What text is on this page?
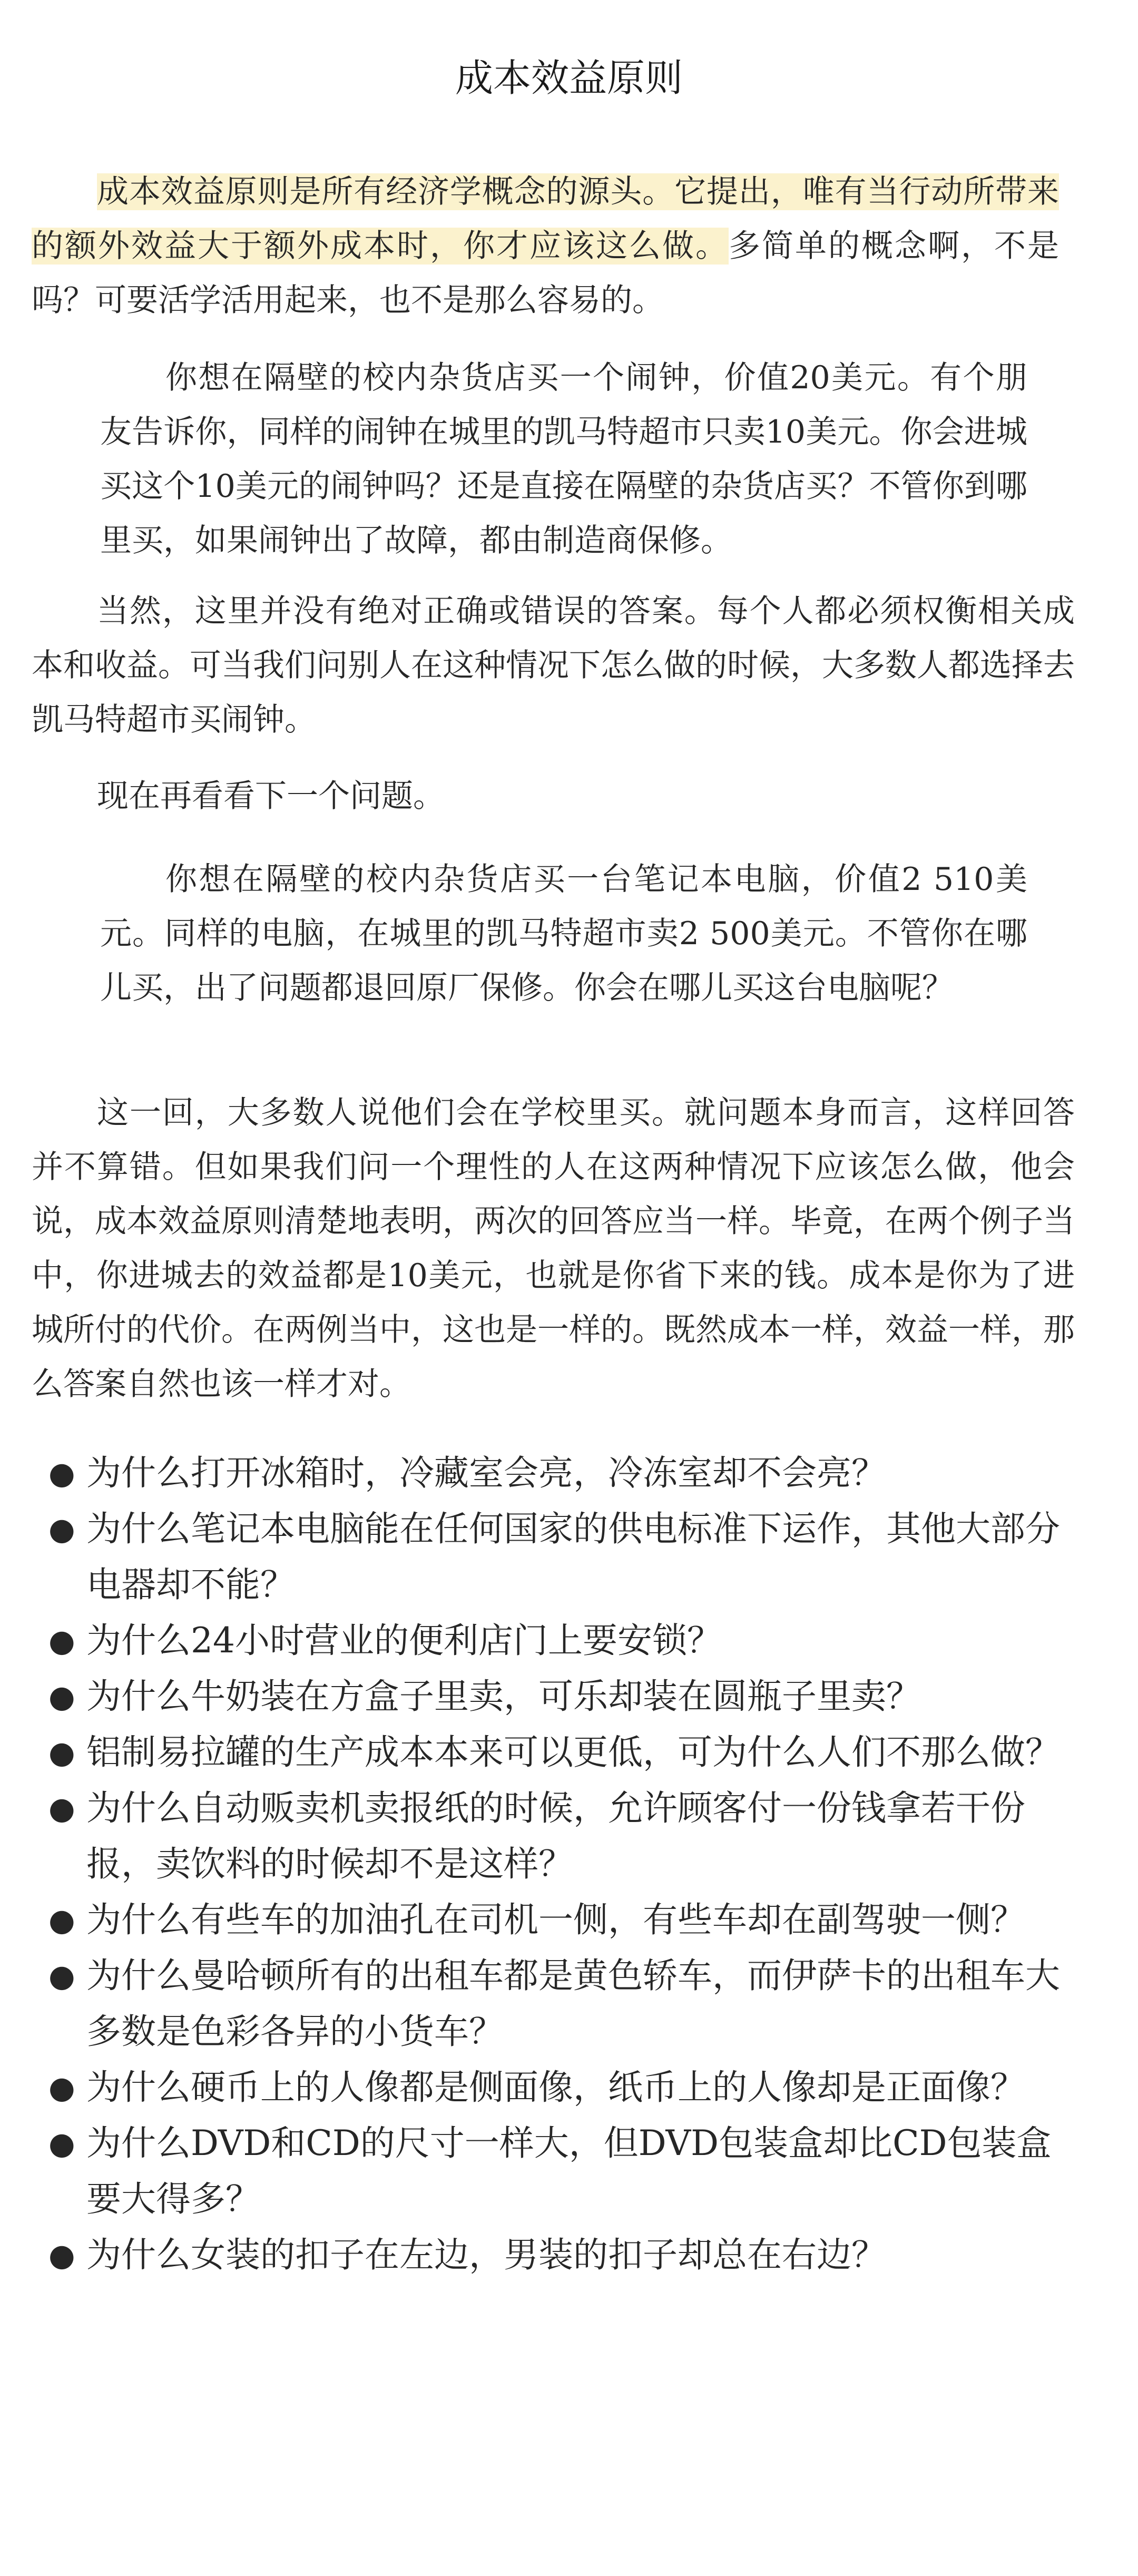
成本效益原则

成本效益原则是所有经济学概念的源头。它提出，唯有当行动所带来的额外效益大于额外成本时，你才应该这么做。多简单的概念啊，不是吗？可要活学活用起来，也不是那么容易的。

你想在隔壁的校内杂货店买一个闹钟，价值20美元。有个朋友告诉你，同样的闹钟在城里的凯马特超市只卖10美元。你会进城买这个10美元的闹钟吗？还是直接在隔壁的杂货店买？不管你到哪里买，如果闹钟出了故障，都由制造商保修。

当然，这里并没有绝对正确或错误的答案。每个人都必须权衡相关成本和收益。可当我们问别人在这种情况下怎么做的时候，大多数人都选择去凯马特超市买闹钟。

现在再看看下一个问题。

你想在隔壁的校内杂货店买一台笔记本电脑，价值2 510美元。同样的电脑，在城里的凯马特超市卖2 500美元。不管你在哪儿买，出了问题都退回原厂保修。你会在哪儿买这台电脑呢？

这一回，大多数人说他们会在学校里买。就问题本身而言，这样回答并不算错。但如果我们问一个理性的人在这两种情况下应该怎么做，他会说，成本效益原则清楚地表明，两次的回答应当一样。毕竟，在两个例子当中，你进城去的效益都是10美元，也就是你省下来的钱。成本是你为了进城所付的代价。在两例当中，这也是一样的。既然成本一样，效益一样，那么答案自然也该一样才对。

● 为什么打开冰箱时，冷藏室会亮，冷冻室却不会亮？
● 为什么笔记本电脑能在任何国家的供电标准下运作，其他大部分电器却不能？
● 为什么24小时营业的便利店门上要安锁？
● 为什么牛奶装在方盒子里卖，可乐却装在圆瓶子里卖？
● 铝制易拉罐的生产成本本来可以更低，可为什么人们不那么做？
● 为什么自动贩卖机卖报纸的时候，允许顾客付一份钱拿若干份报，卖饮料的时候却不是这样？
● 为什么有些车的加油孔在司机一侧，有些车却在副驾驶一侧？
● 为什么曼哈顿所有的出租车都是黄色轿车，而伊萨卡的出租车大多数是色彩各异的小货车？
● 为什么硬币上的人像都是侧面像，纸币上的人像却是正面像？
● 为什么DVD和CD的尺寸一样大，但DVD包装盒却比CD包装盒要大得多？
● 为什么女装的扣子在左边，男装的扣子却总在右边？
